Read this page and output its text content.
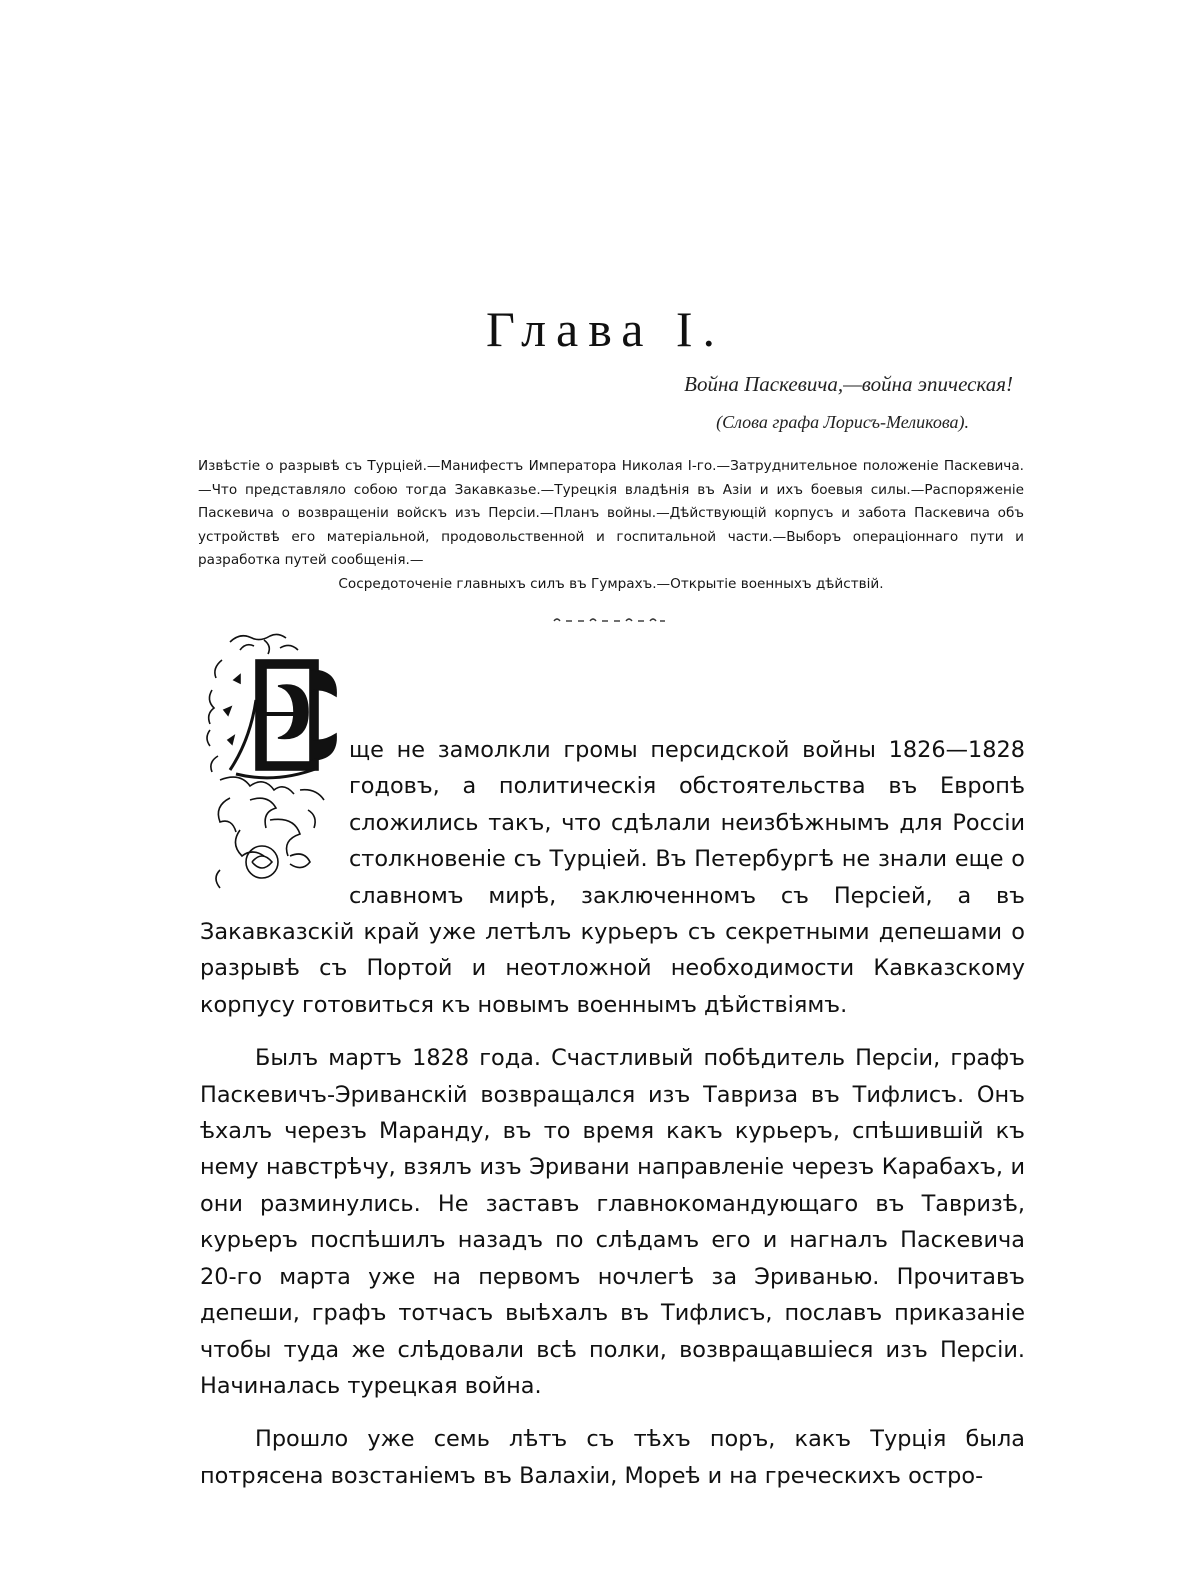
Глава I.
Война Паскевича,—война эпическая!
(Слова графа Лорисъ-Меликова).
Извѣстіе о разрывѣ съ Турціей.—Манифестъ Императора Николая I-го.—Затруднительное положеніе Паскевича.—Что представляло собою тогда Закавказье.—Турецкія владѣнія въ Азіи и ихъ боевыя силы.—Распоряженіе Паскевича о возвращеніи войскъ изъ Персіи.—Планъ войны.—Дѣйствующій корпусъ и забота Паскевича объ устройствѣ его матеріальной, продовольственной и госпитальной части.—Выборъ операціоннаго пути и разработка путей сообщенія.—
Сосредоточеніе главныхъ силъ въ Гумрахъ.—Открытіе военныхъ дѣйствій.

ще не замолкли громы персидской войны 1826—1828 годовъ, а политическія обстоятельства въ Европѣ сложились такъ, что сдѣлали неизбѣжнымъ для Россіи столкновеніе съ Турціей. Въ Петербургѣ не знали еще о славномъ мирѣ, заключенномъ съ Персіей, а въ Закавказскій край уже летѣлъ курьеръ съ секретными депешами о разрывѣ съ Портой и неотложной необходимости Кавказскому корпусу готовиться къ новымъ военнымъ дѣйствіямъ.

Былъ мартъ 1828 года. Счастливый побѣдитель Персіи, графъ Паскевичъ-Эриванскій возвращался изъ Тавриза въ Тифлисъ. Онъ ѣхалъ черезъ Маранду, въ то время какъ курьеръ, спѣшившій къ нему навстрѣчу, взялъ изъ Эривани направленіе черезъ Карабахъ, и они разминулись. Не заставъ главнокомандующаго въ Тавризѣ, курьеръ поспѣшилъ назадъ по слѣдамъ его и нагналъ Паскевича 20-го марта уже на первомъ ночлегѣ за Эриванью. Прочитавъ депеши, графъ тотчасъ выѣхалъ въ Тифлисъ, пославъ приказаніе чтобы туда же слѣдовали всѣ полки, возвращавшіеся изъ Персіи. Начиналась турецкая война.

Прошло уже семь лѣтъ съ тѣхъ поръ, какъ Турція была потрясена возстаніемъ въ Валахіи, Мореѣ и на греческихъ остро-
